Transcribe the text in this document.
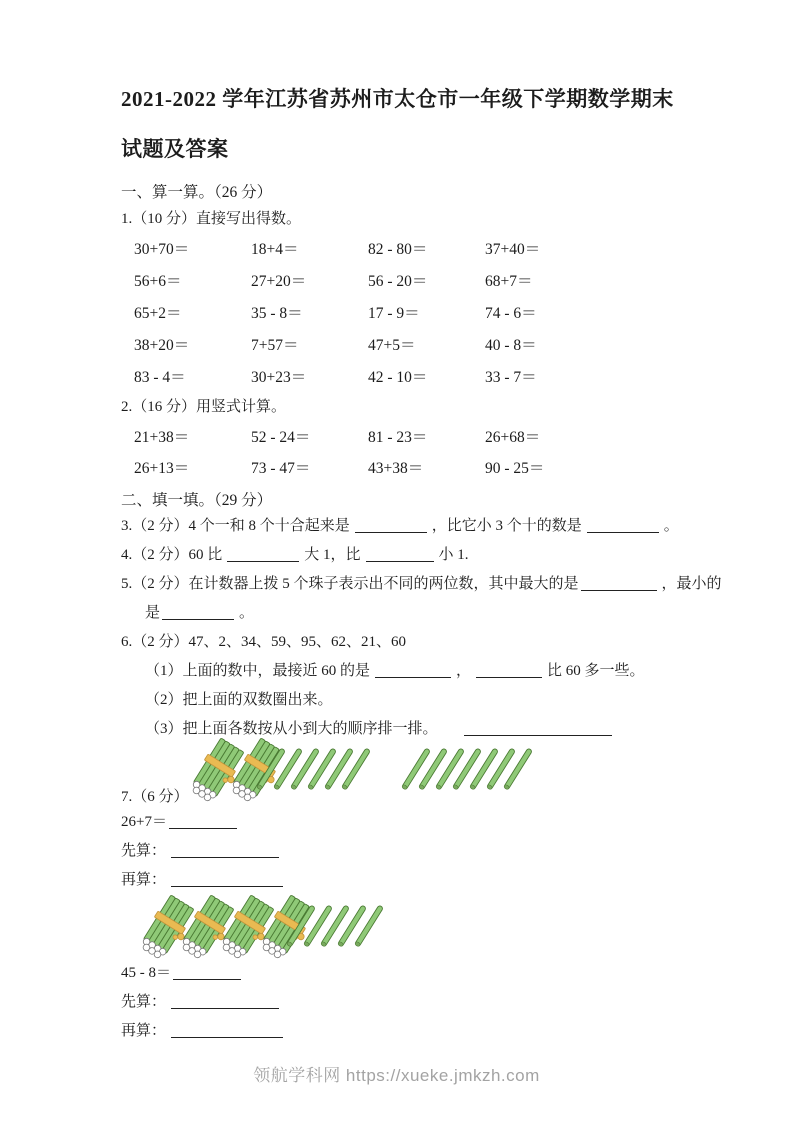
2021-2022 学年江苏省苏州市太仓市一年级下学期数学期末
试题及答案
一、算一算。（26 分）
1.（10 分）直接写出得数。
30+70＝	18+4＝	82 - 80＝	37+40＝
56+6＝	27+20＝	56 - 20＝	68+7＝
65+2＝	35 - 8＝	17 - 9＝	74 - 6＝
38+20＝	7+57＝	47+5＝	40 - 8＝
83 - 4＝	30+23＝	42 - 10＝	33 - 7＝
2.（16 分）用竖式计算。
21+38＝	52 - 24＝	81 - 23＝	26+68＝
26+13＝	73 - 47＝	43+38＝	90 - 25＝
二、填一填。（29 分）
3.（2 分）4 个一和 8 个十合起来是	，比它小 3 个十的数是	。
4.（2 分）60 比	大 1，比	小 1.
5.（2 分）在计数器上拨 5 个珠子表示出不同的两位数，其中最大的是	，最小的
是	。
6.（2 分）47、2、34、59、95、62、21、60
（1）上面的数中，最接近 60 的是	，	比 60 多一些。
（2）把上面的双数圈出来。
（3）把上面各数按从小到大的顺序排一排。
7.（6 分）
26+7＝
先算：
再算：
45 - 8＝
先算：
再算：
领航学科网 https://xueke.jmkzh.com
